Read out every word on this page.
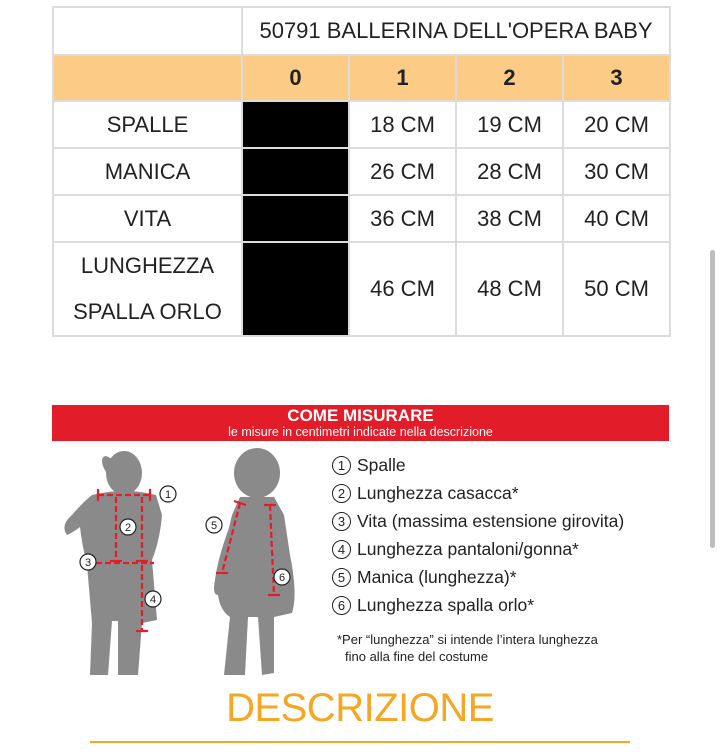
	50791 BALLERINA DELL'OPERA BABY			
	0	1	2	3
SPALLE		18 CM	19 CM	20 CM
MANICA		26 CM	28 CM	30 CM
VITA		36 CM	38 CM	40 CM

LUNGHEZZA
SPALLA ORLO		46 CM	48 CM	50 CM
COME MISURARE
le misure in centimetri indicate nella descrizione
1
2
3
4
5
6
1 Spalle
2 Lunghezza casacca*
3 Vita (massima estensione girovita)
4 Lunghezza pantaloni/gonna*
5 Manica (lunghezza)*
6 Lunghezza spalla orlo*
*Per “lunghezza” si intende l’intera lunghezza
fino alla fine del costume
DESCRIZIONE
